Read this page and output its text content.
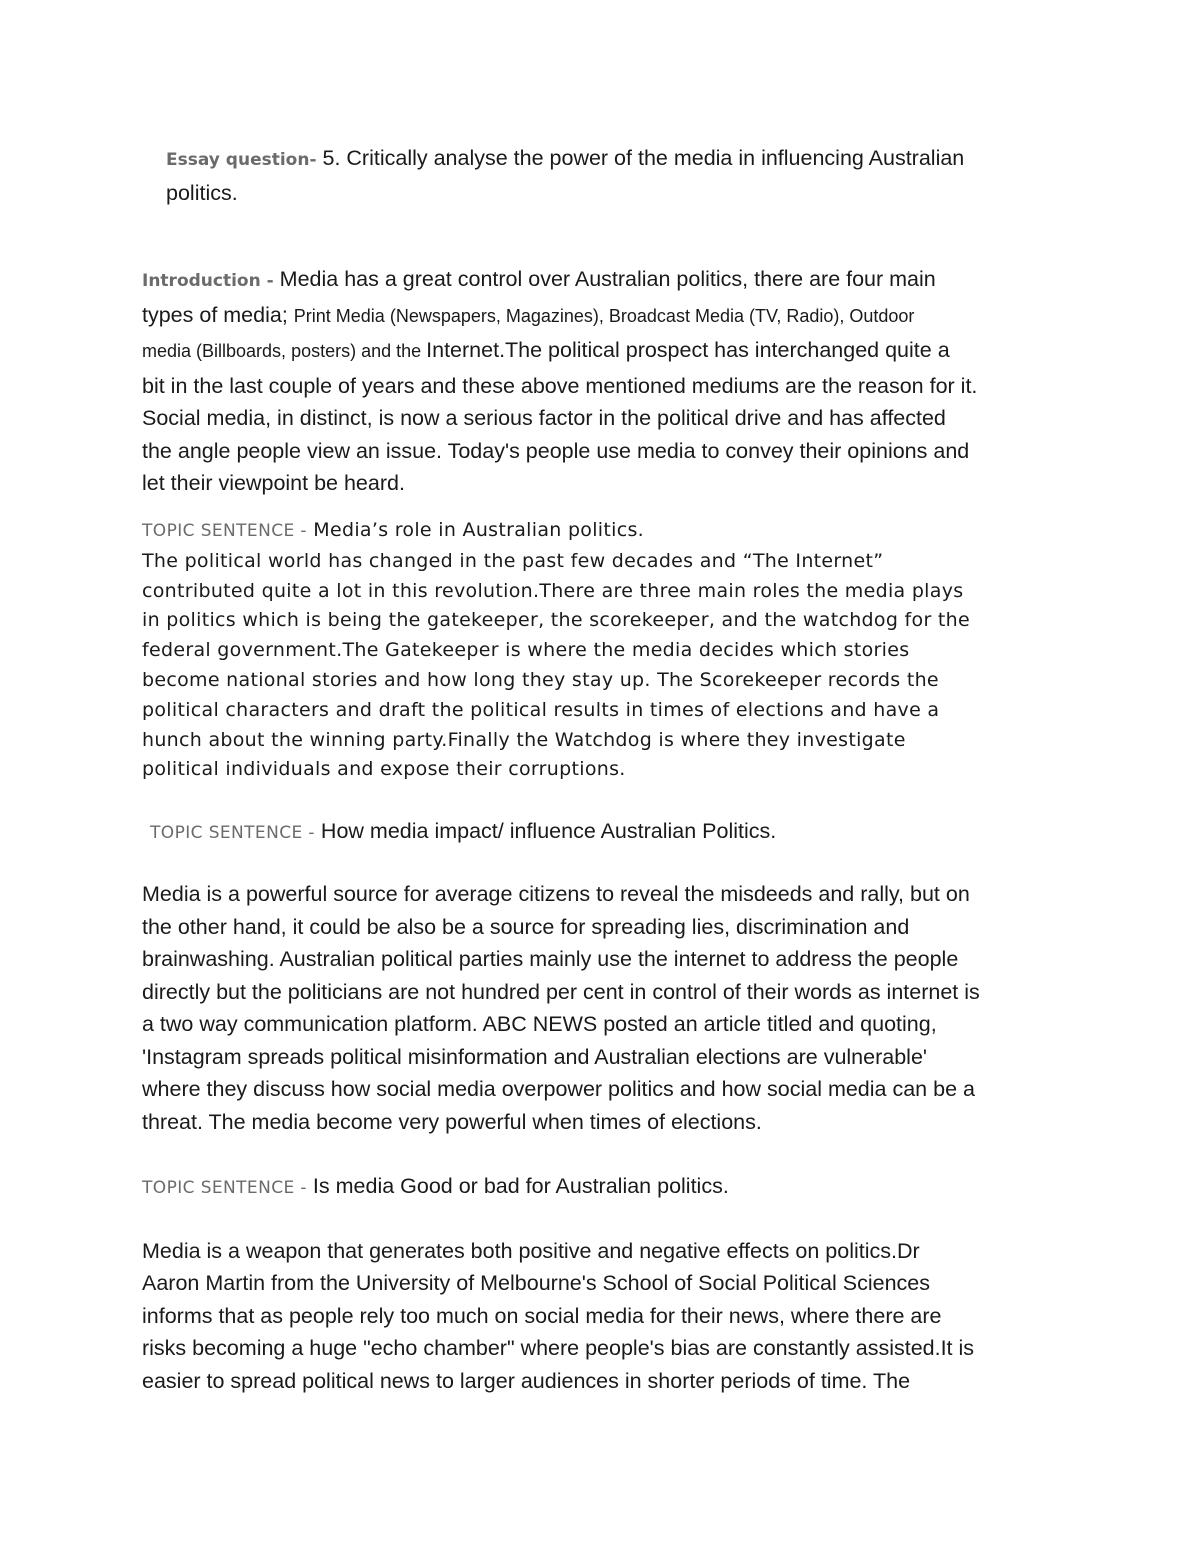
Essay question- 5. Critically analyse the power of the media in influencing Australian
politics.
Introduction - Media has a great control over Australian politics, there are four main
types of media; Print Media (Newspapers, Magazines), Broadcast Media (TV, Radio), Outdoor
media (Billboards, posters) and the Internet.The political prospect has interchanged quite a
bit in the last couple of years and these above mentioned mediums are the reason for it.
Social media, in distinct, is now a serious factor in the political drive and has affected
the angle people view an issue. Today's people use media to convey their opinions and
let their viewpoint be heard.
TOPIC SENTENCE - Media’s role in Australian politics.
The political world has changed in the past few decades and “The Internet”
contributed quite a lot in this revolution.There are three main roles the media plays
in politics which is being the gatekeeper, the scorekeeper, and the watchdog for the
federal government.The Gatekeeper is where the media decides which stories
become national stories and how long they stay up. The Scorekeeper records the
political characters and draft the political results in times of elections and have a
hunch about the winning party.Finally the Watchdog is where they investigate
political individuals and expose their corruptions.
TOPIC SENTENCE - How media impact/ influence Australian Politics.
Media is a powerful source for average citizens to reveal the misdeeds and rally, but on
the other hand, it could be also be a source for spreading lies, discrimination and
brainwashing. Australian political parties mainly use the internet to address the people
directly but the politicians are not hundred per cent in control of their words as internet is
a two way communication platform. ABC NEWS posted an article titled and quoting,
'Instagram spreads political misinformation and Australian elections are vulnerable'
where they discuss how social media overpower politics and how social media can be a
threat. The media become very powerful when times of elections.
TOPIC SENTENCE - Is media Good or bad for Australian politics.
Media is a weapon that generates both positive and negative effects on politics.Dr
Aaron Martin from the University of Melbourne's School of Social Political Sciences
informs that as people rely too much on social media for their news, where there are
risks becoming a huge "echo chamber" where people's bias are constantly assisted.It is
easier to spread political news to larger audiences in shorter periods of time. The
